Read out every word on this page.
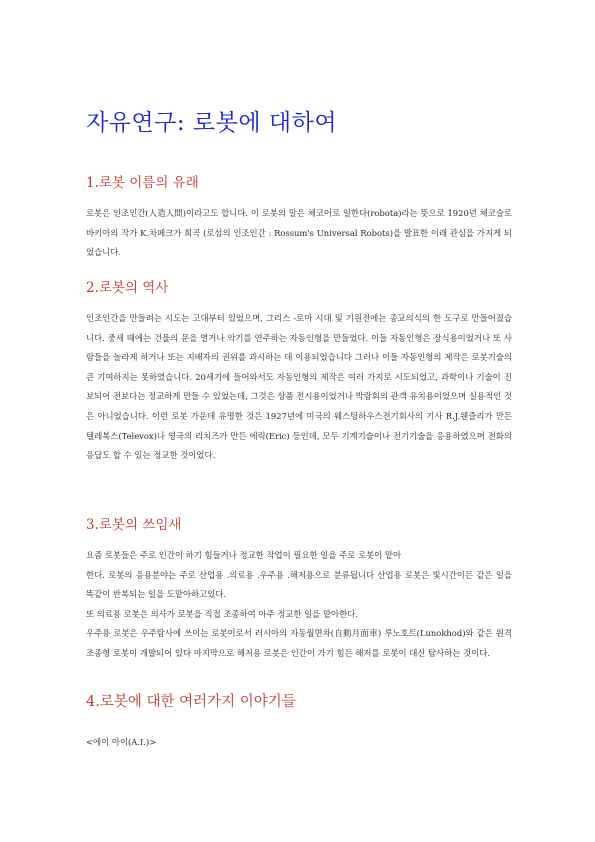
자유연구: 로봇에 대하여
1.로봇 이름의 유래

로봇은 인조인간(人造人間)이라고도 합니다. 이 로봇의 말은 체코어로 일한다(robota)라는 뜻으로 1920년 체코슬로바키아의 작가 K.차페크가 희곡 (로섬의 인조인간 : Rossum's Universal Robots)을 발표한 이래 관심을 가지게 되었습니다.

2.로봇의 역사

인조인간을 만들려는 시도는 고대부터 있었으며, 그리스 -로마 시대 및 기원전에는 종교의식의 한 도구로 만들어졌습니다. 중세 때에는 건물의 문을 열거나 악기를 연주하는 자동인형을 만들었다. 이들 자동인형은 장식용이었거나 또 사람들을 놀라게 하거나 또는 지배자의 권위를 과시하는 데 이용되었습니다 그러나 이들 자동인형의 제작은 로봇기술의 큰 기여하지는 못하였습니다. 20세기에 들어와서도 자동인형의 제작은 여러 가지로 시도되었고, 과학이나 기술이 진보되어 전보다는 정교하게 만들 수 있었는데, 그것은 상품 전시용이었거나 박람회의 관객 유치용이었으며 실용적인 것은 아니었습니다. 이런 로봇 가운데 유명한 것은 1927년에 미국의 웨스팅하우스전기회사의 기사 R.J.웬즐리가 만든 텔레복스(Televox)나 영국의 리치즈가 만든 에릭(Eric) 등인데, 모두 기계기술이나 전기기술을 응용하였으며 전화의 응답도 할 수 있는 정교한 것이었다.

3.로봇의 쓰임새

요즘 로봇들은 주로 인간이 하기 힘들거나 정교한 작업이 필요한 일을 주로 로봇이 맡아

한다. 로봇의 응용분야는 주로 산업용 .의료용 .우주용 .해저용으로 분류됩니다 산업용 로봇은 빛시간이든 같은 일을 똑같이 반복되는 일을 도맡아하고있다.

또 의료용 로봇은 의사가 로봇을 직접 조종하여 아주 정교한 일을 맡아한다.

우주용 로봇은 우주탐사에 쓰이는 로봇이로서 러시아의 자동월면차(自動月面車) 루노호트(Lunokhod)와 같은 원격조종형 로봇이 개발되어 있다 마지막으로 해저용 로봇은 인간이 가기 힘든 해저를 로봇이 대신 탐사하는 것이다.

4.로봇에 대한 여러가지 이야기들

<에이 아이(A.I.)>
